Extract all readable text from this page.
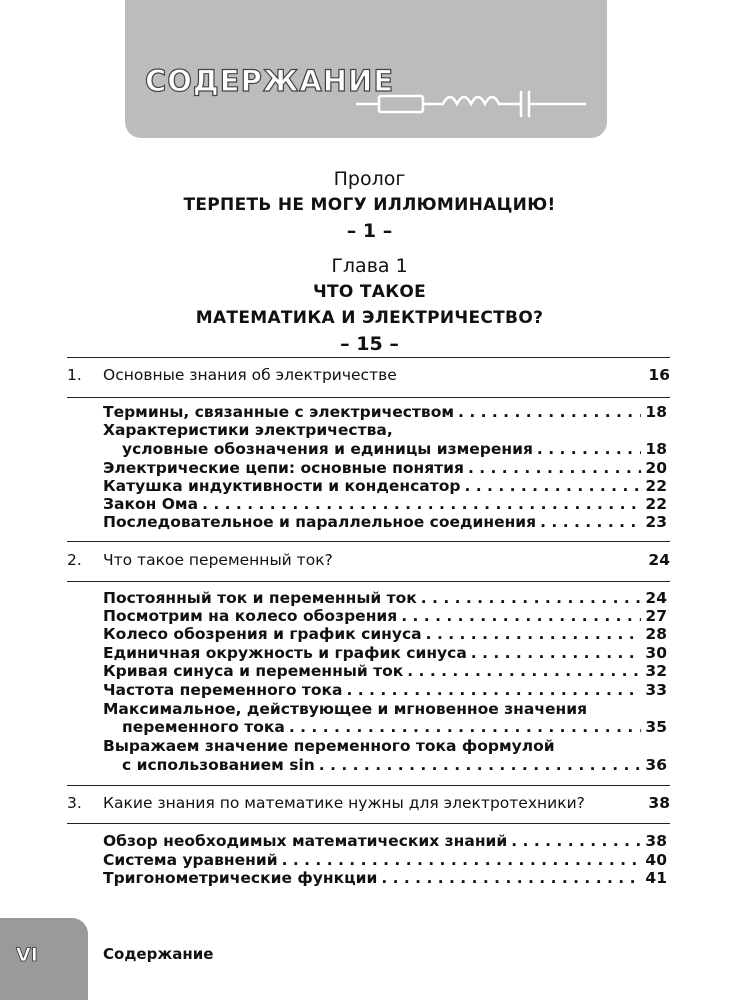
СОДЕРЖАНИЕ
Пролог
ТЕРПЕТЬ НЕ МОГУ ИЛЛЮМИНАЦИЮ!
– 1 –
Глава 1
ЧТО ТАКОЕ
МАТЕМАТИКА И ЭЛЕКТРИЧЕСТВО?
– 15 –
1.	Основные знания об электричестве	16
Термины, связанные с электричеством . . .	18
Характеристики электричества,
условные обозначения и единицы измерения . . .	18
Электрические цепи: основные понятия . . .	20
Катушка индуктивности и конденсатор . . .	22
Закон Ома . . .	22
Последовательное и параллельное соединения . . .	23
2.	Что такое переменный ток?	24
Постоянный ток и переменный ток . . .	24
Посмотрим на колесо обозрения . . .	27
Колесо обозрения и график синуса . . .	28
Единичная окружность и график синуса . . .	30
Кривая синуса и переменный ток . . .	32
Частота переменного тока . . .	33
Максимальное, действующее и мгновенное значения
переменного тока . . .	35
Выражаем значение переменного тока формулой
с использованием sin . . .	36
3.	Какие знания по математике нужны для электротехники?	38
Обзор необходимых математических знаний . . .	38
Система уравнений . . .	40
Тригонометрические функции . . .	41
VI	Содержание
